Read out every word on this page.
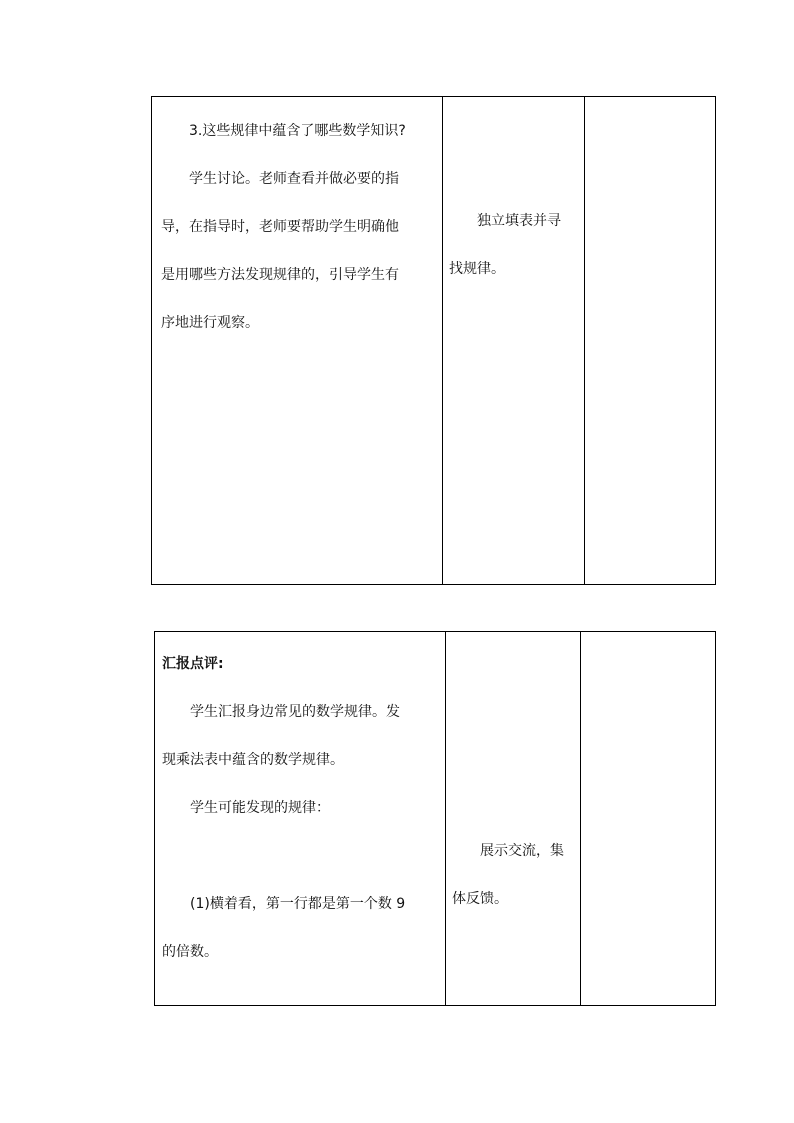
3.这些规律中蕴含了哪些数学知识?

学生讨论。老师查看并做必要的指

导，在指导时，老师要帮助学生明确他

是用哪些方法发现规律的，引导学生有

序地进行观察。

独立填表并寻

找规律。

汇报点评:

学生汇报身边常见的数学规律。发

现乘法表中蕴含的数学规律。

学生可能发现的规律：

(1)横着看，第一行都是第一个数 9

的倍数。

展示交流，集

体反馈。
